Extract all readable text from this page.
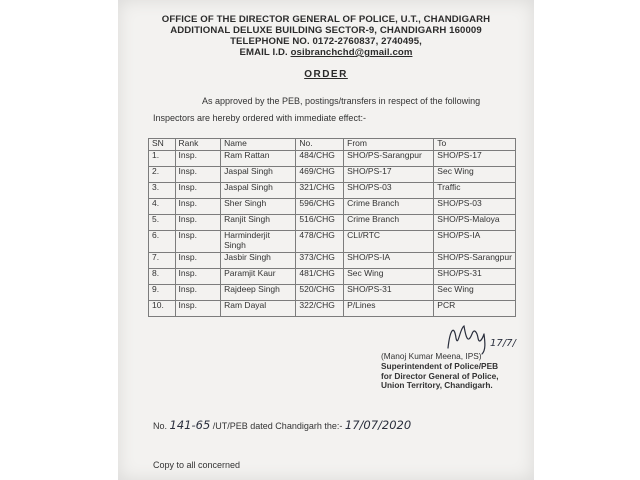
OFFICE OF THE DIRECTOR GENERAL OF POLICE, U.T., CHANDIGARH
ADDITIONAL DELUXE BUILDING SECTOR-9, CHANDIGARH 160009
TELEPHONE NO. 0172-2760837, 2740495,
EMAIL I.D. osibranchchd@gmail.com
ORDER
As approved by the PEB, postings/transfers in respect of the following
Inspectors are hereby ordered with immediate effect:-
SN	Rank	Name	No.	From	To
1.	Insp.	Ram Rattan	484/CHG	SHO/PS-Sarangpur	SHO/PS-17
2.	Insp.	Jaspal Singh	469/CHG	SHO/PS-17	Sec Wing
3.	Insp.	Jaspal Singh	321/CHG	SHO/PS-03	Traffic
4.	Insp.	Sher Singh	596/CHG	Crime Branch	SHO/PS-03
5.	Insp.	Ranjit Singh	516/CHG	Crime Branch	SHO/PS-Maloya
6.	Insp.	Harminderjit Singh	478/CHG	CLI/RTC	SHO/PS-IA
7.	Insp.	Jasbir Singh	373/CHG	SHO/PS-IA	SHO/PS-Sarangpur
8.	Insp.	Paramjit Kaur	481/CHG	Sec Wing	SHO/PS-31
9.	Insp.	Rajdeep Singh	520/CHG	SHO/PS-31	Sec Wing
10.	Insp.	Ram Dayal	322/CHG	P/Lines	PCR
17/7/
(Manoj Kumar Meena, IPS)
Superintendent of Police/PEB
for Director General of Police,
Union Territory, Chandigarh.
No. 141-65 /UT/PEB dated Chandigarh the:- 17/07/2020
Copy to all concerned
